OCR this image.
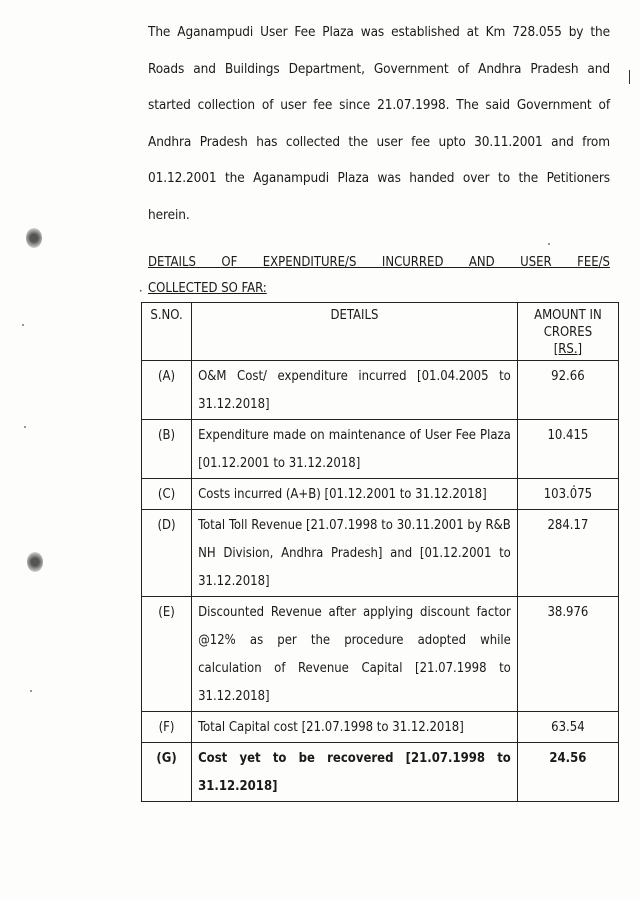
The Aganampudi User Fee Plaza was established at Km 728.055 by the
Roads and Buildings Department, Government of Andhra Pradesh and
started collection of user fee since 21.07.1998. The said Government of
Andhra Pradesh has collected the user fee upto 30.11.2001 and from
01.12.2001 the Aganampudi Plaza was handed over to the Petitioners
herein.

DETAILS OF EXPENDITURE/S INCURRED AND USER FEE/S
COLLECTED SO FAR:

·
S.NO.	DETAILS	AMOUNT IN
CRORES
[RS.]

(A)	O&M Cost/ expenditure incurred [01.04.2005 to 31.12.2018]	92.66
(B)	Expenditure made on maintenance of User Fee Plaza [01.12.2001 to 31.12.2018]	10.415
(C)	Costs incurred (A+B) [01.12.2001 to 31.12.2018]	103.075
(D)	Total Toll Revenue [21.07.1998 to 30.11.2001 by R&B NH Division, Andhra Pradesh] and [01.12.2001 to 31.12.2018]	284.17
(E)	Discounted Revenue after applying discount factor @12% as per the procedure adopted while calculation of Revenue Capital [21.07.1998 to 31.12.2018]	38.976
(F)	Total Capital cost [21.07.1998 to 31.12.2018]	63.54
(G)	Cost yet to be recovered [21.07.1998 to 31.12.2018]	24.56
